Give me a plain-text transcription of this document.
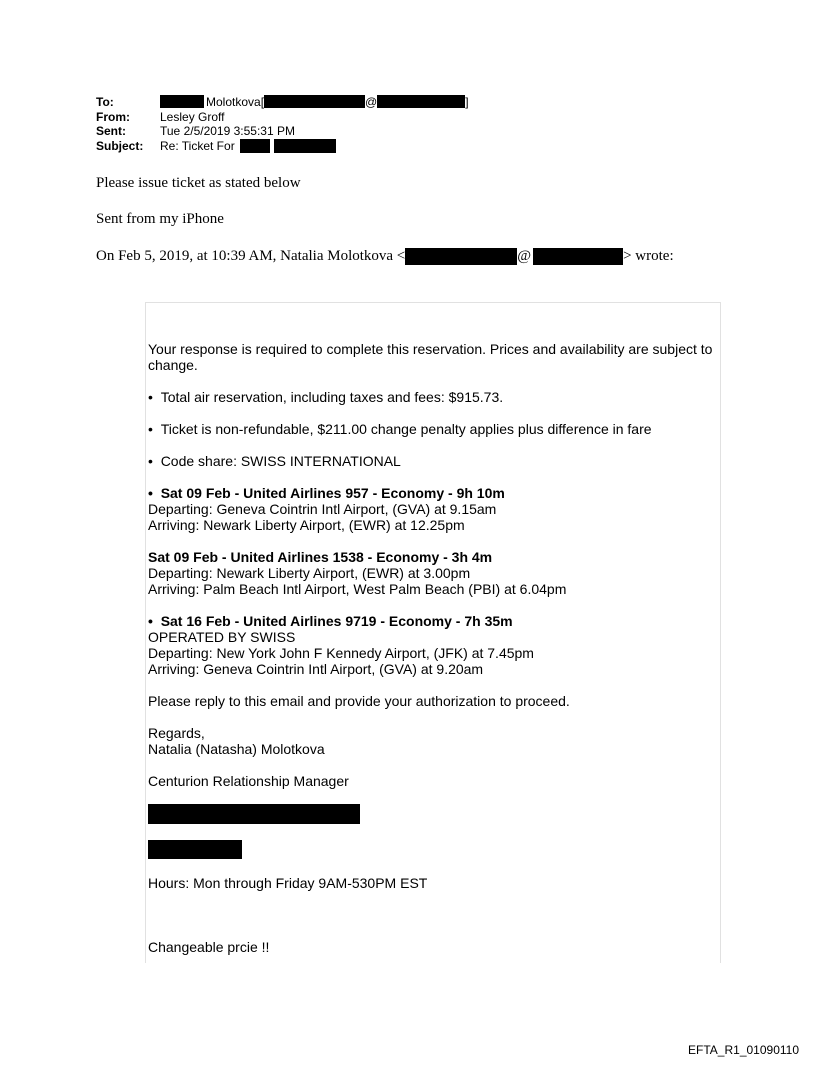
To:	Molotkova[	@	]
From:	Lesley Groff
Sent:	Tue 2/5/2019 3:55:31 PM
Subject: Re: Ticket For
Please issue ticket as stated below
Sent from my iPhone
On Feb 5, 2019, at 10:39 AM, Natalia Molotkova <	@	> wrote:

Your response is required to complete this reservation. Prices and availability are subject to

change.

•  Total air reservation, including taxes and fees: $915.73.

•  Ticket is non-refundable, $211.00 change penalty applies plus difference in fare

•  Code share: SWISS INTERNATIONAL

•  Sat 09 Feb - United Airlines 957 - Economy - 9h 10m

Departing: Geneva Cointrin Intl Airport, (GVA) at 9.15am

Arriving: Newark Liberty Airport, (EWR) at 12.25pm

Sat 09 Feb - United Airlines 1538 - Economy - 3h 4m

Departing: Newark Liberty Airport, (EWR) at 3.00pm

Arriving: Palm Beach Intl Airport, West Palm Beach (PBI) at 6.04pm

•  Sat 16 Feb - United Airlines 9719 - Economy - 7h 35m

OPERATED BY SWISS

Departing: New York John F Kennedy Airport, (JFK) at 7.45pm

Arriving: Geneva Cointrin Intl Airport, (GVA) at 9.20am

Please reply to this email and provide your authorization to proceed.

Regards,

Natalia (Natasha) Molotkova

Centurion Relationship Manager

Hours: Mon through Friday 9AM-530PM EST

Changeable prcie !!

EFTA_R1_01090110
